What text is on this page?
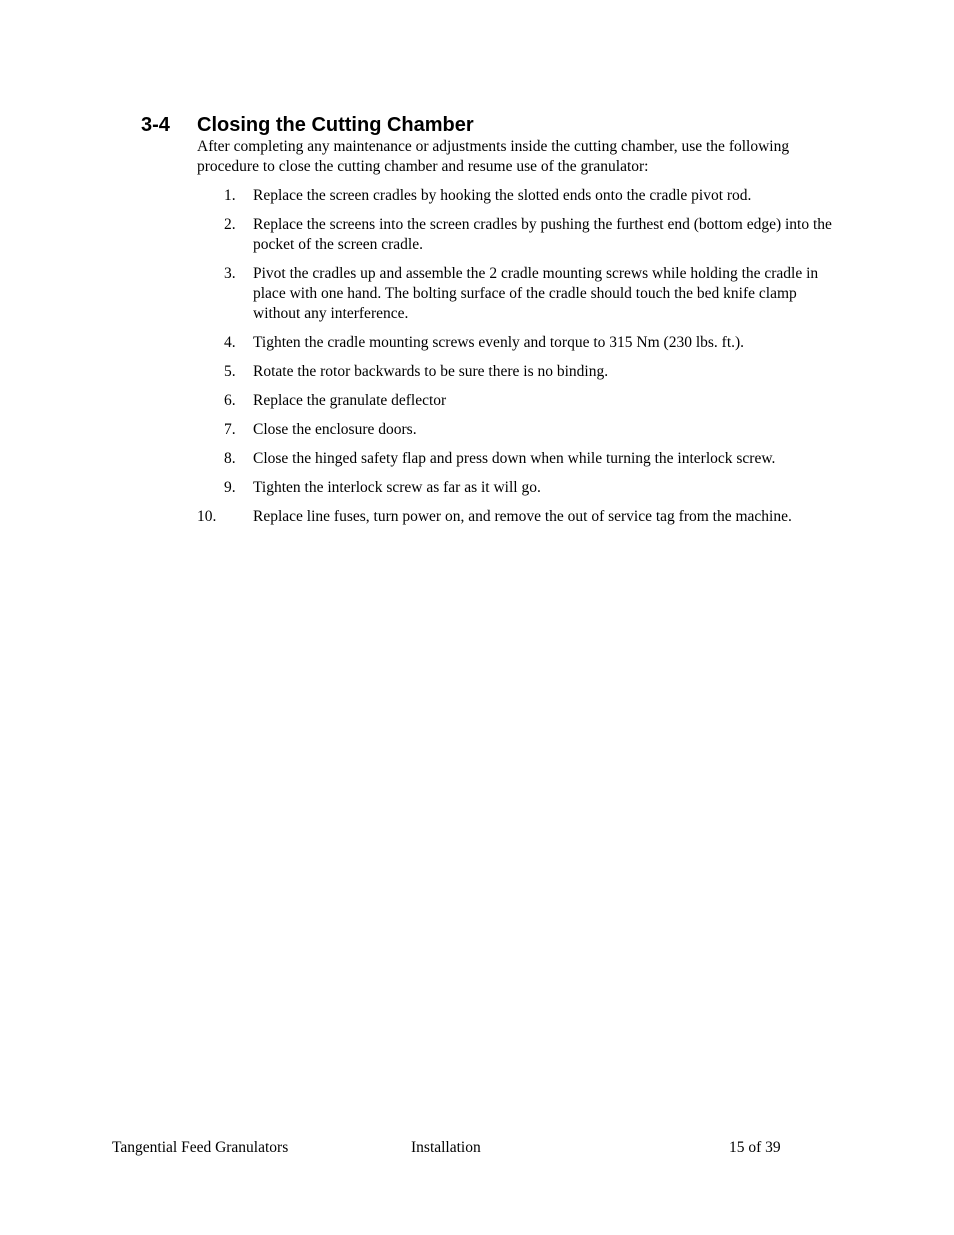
3-4 Closing the Cutting Chamber

After completing any maintenance or adjustments inside the cutting chamber, use the following procedure to close the cutting chamber and resume use of the granulator:

1. Replace the screen cradles by hooking the slotted ends onto the cradle pivot rod.
2. Replace the screens into the screen cradles by pushing the furthest end (bottom edge) into the pocket of the screen cradle.
3. Pivot the cradles up and assemble the 2 cradle mounting screws while holding the cradle in place with one hand. The bolting surface of the cradle should touch the bed knife clamp without any interference.
4. Tighten the cradle mounting screws evenly and torque to 315 Nm (230 lbs. ft.).
5. Rotate the rotor backwards to be sure there is no binding.
6. Replace the granulate deflector
7. Close the enclosure doors.
8. Close the hinged safety flap and press down when while turning the interlock screw.
9. Tighten the interlock screw as far as it will go.
10. Replace line fuses, turn power on, and remove the out of service tag from the machine.
Tangential Feed Granulators	Installation	15 of 39
